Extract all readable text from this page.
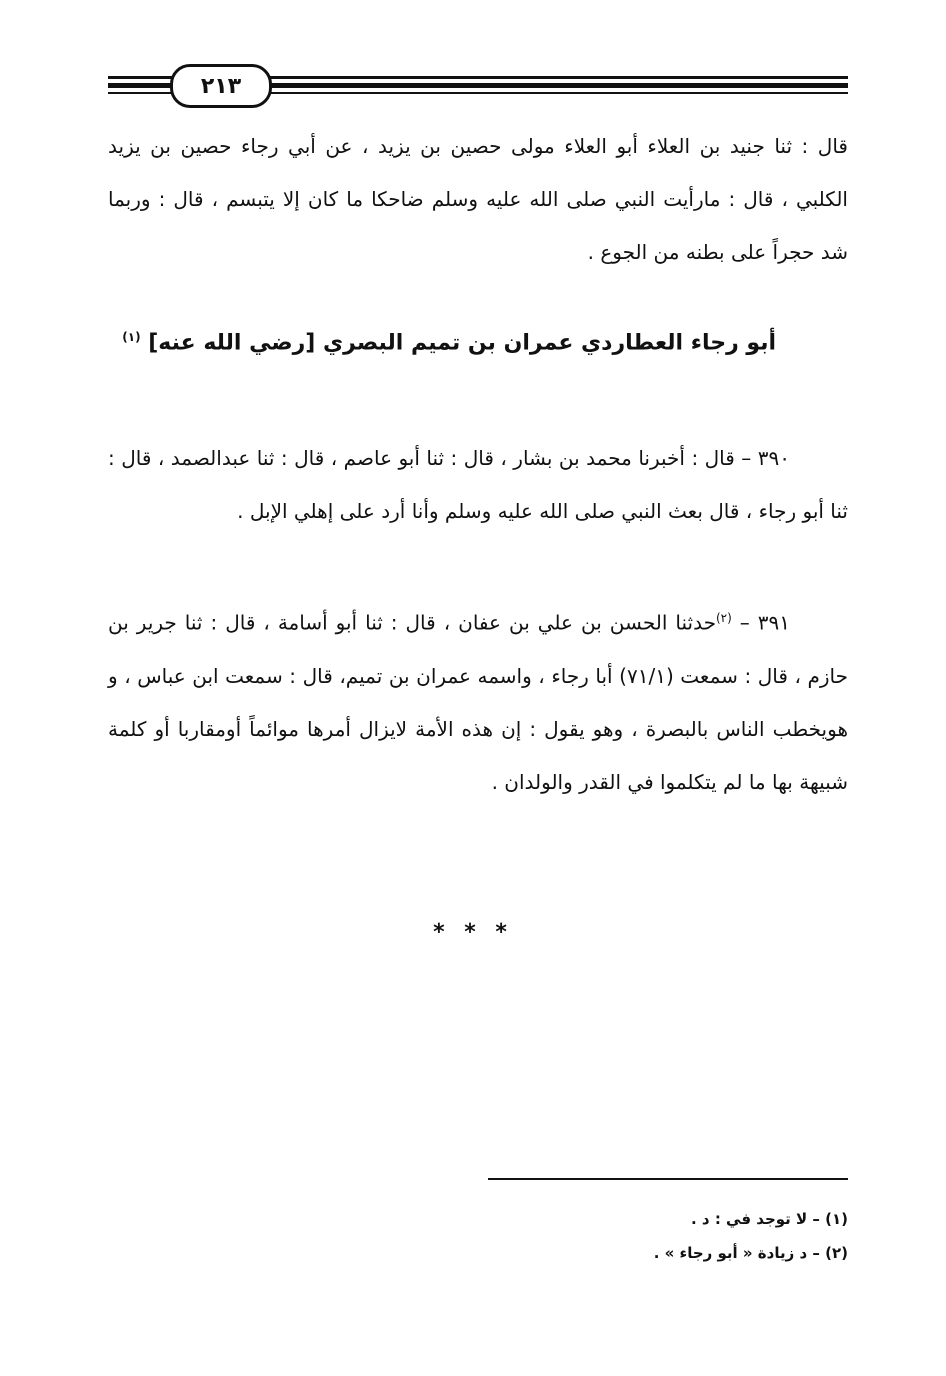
٢١٣

قال : ثنا جنيد بن العلاء أبو العلاء مولى حصين بن يزيد ، عن أبي رجاء حصين بن يزيد الكلبي ، قال : مارأيت النبي صلى الله عليه وسلم ضاحكا ما كان إلا يتبسم ، قال : وربما شد حجراً على بطنه من الجوع .

أبو رجاء العطاردي عمران بن تميم البصري [رضي الله عنه] $^{(١)}$

٣٩٠ – قال : أخبرنا محمد بن بشار ، قال : ثنا أبو عاصم ، قال : ثنا عبدالصمد ، قال : ثنا أبو رجاء ، قال بعث النبي صلى الله عليه وسلم وأنا أرد على إهلي الإبل .

٣٩١ – $^{(٢)}$حدثنا الحسن بن علي بن عفان ، قال : ثنا أبو أسامة ، قال : ثنا جرير بن حازم ، قال : سمعت (٧١/١) أبا رجاء ، واسمه عمران بن تميم، قال : سمعت ابن عباس ، و هويخطب الناس بالبصرة ، وهو يقول : إن هذه الأمة لايزال أمرها موائماً أومقاربا أو كلمة شبيهة بها ما لم يتكلموا في القدر والولدان .

* * *
(١) – لا توجد في : د .
(٢) – د زيادة « أبو رجاء » .
